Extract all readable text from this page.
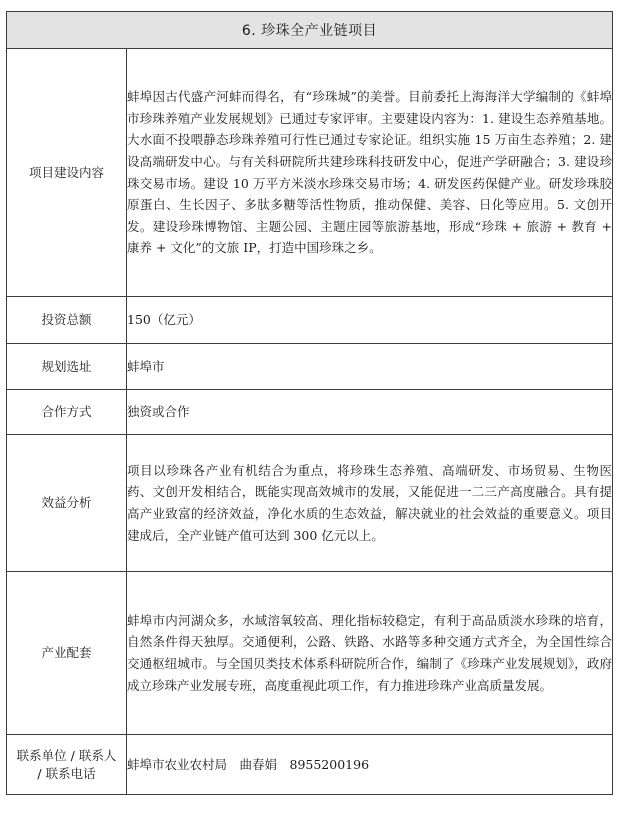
6. 珍珠全产业链项目	
项目建设内容	蚌埠因古代盛产河蚌而得名，有“珍珠城”的美誉。目前委托上海海洋大学编制的《蚌埠市珍珠养殖产业发展规划》已通过专家评审。主要建设内容为：1. 建设生态养殖基地。大水面不投喂静态珍珠养殖可行性已通过专家论证。组织实施 15 万亩生态养殖；2. 建设高端研发中心。与有关科研院所共建珍珠科技研发中心，促进产学研融合；3. 建设珍珠交易市场。建设 10 万平方米淡水珍珠交易市场；4. 研发医药保健产业。研发珍珠胶原蛋白、生长因子、多肽多糖等活性物质，推动保健、美容、日化等应用。5. 文创开发。建设珍珠博物馆、主题公园、主题庄园等旅游基地，形成“珍珠 + 旅游 + 教育 + 康养 + 文化”的文旅 IP，打造中国珍珠之乡。
投资总额	150（亿元）
规划选址	蚌埠市
合作方式	独资或合作
效益分析	项目以珍珠各产业有机结合为重点，将珍珠生态养殖、高端研发、市场贸易、生物医药、文创开发相结合，既能实现高效城市的发展，又能促进一二三产高度融合。具有提高产业致富的经济效益，净化水质的生态效益，解决就业的社会效益的重要意义。项目建成后，全产业链产值可达到 300 亿元以上。
产业配套	蚌埠市内河湖众多，水域溶氧较高、理化指标较稳定，有利于高品质淡水珍珠的培育，自然条件得天独厚。交通便利，公路、铁路、水路等多种交通方式齐全，为全国性综合交通枢纽城市。与全国贝类技术体系科研院所合作，编制了《珍珠产业发展规划》，政府成立珍珠产业发展专班，高度重视此项工作，有力推进珍珠产业高质量发展。

联系单位 / 联系人
/ 联系电话	蚌埠市农业农村局　曲春娟　8955200196
